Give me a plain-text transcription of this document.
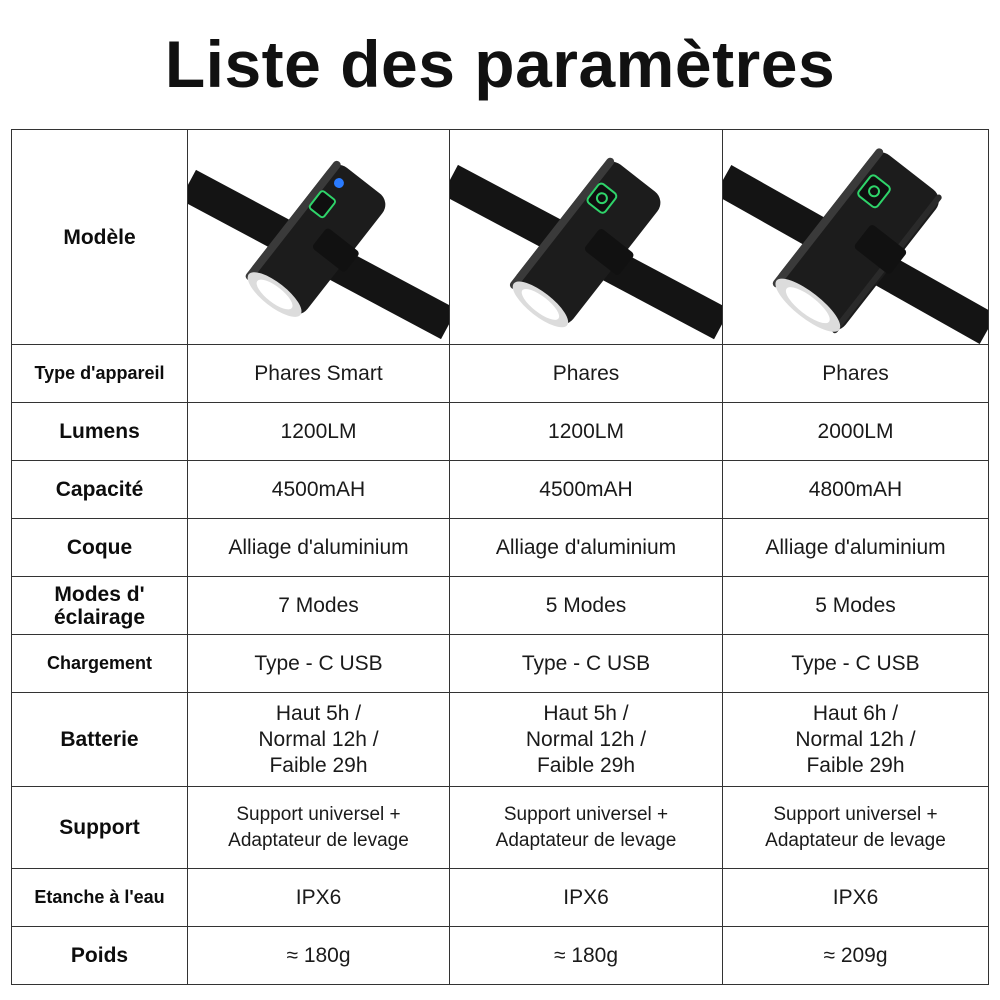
Liste des paramètres
Modèle	

Type d'appareil	Phares Smart	Phares	Phares
Lumens	1200LM	1200LM	2000LM
Capacité	4500mAH	4500mAH	4800mAH
Coque	Alliage d'aluminium	Alliage d'aluminium	Alliage d'aluminium

Modes d'
éclairage	7 Modes	5 Modes	5 Modes
Chargement	Type - C USB	Type - C USB	Type - C USB
Batterie	Haut 5h /
Normal 12h /
Faible 29h	Haut 5h /
Normal 12h /
Faible 29h	Haut 6h /
Normal 12h /
Faible 29h

Support	Support universel +
Adaptateur de levage	Support universel +
Adaptateur de levage	Support universel +
Adaptateur de levage

Etanche à l'eau	IPX6	IPX6	IPX6
Poids	≈ 180g	≈ 180g	≈ 209g
